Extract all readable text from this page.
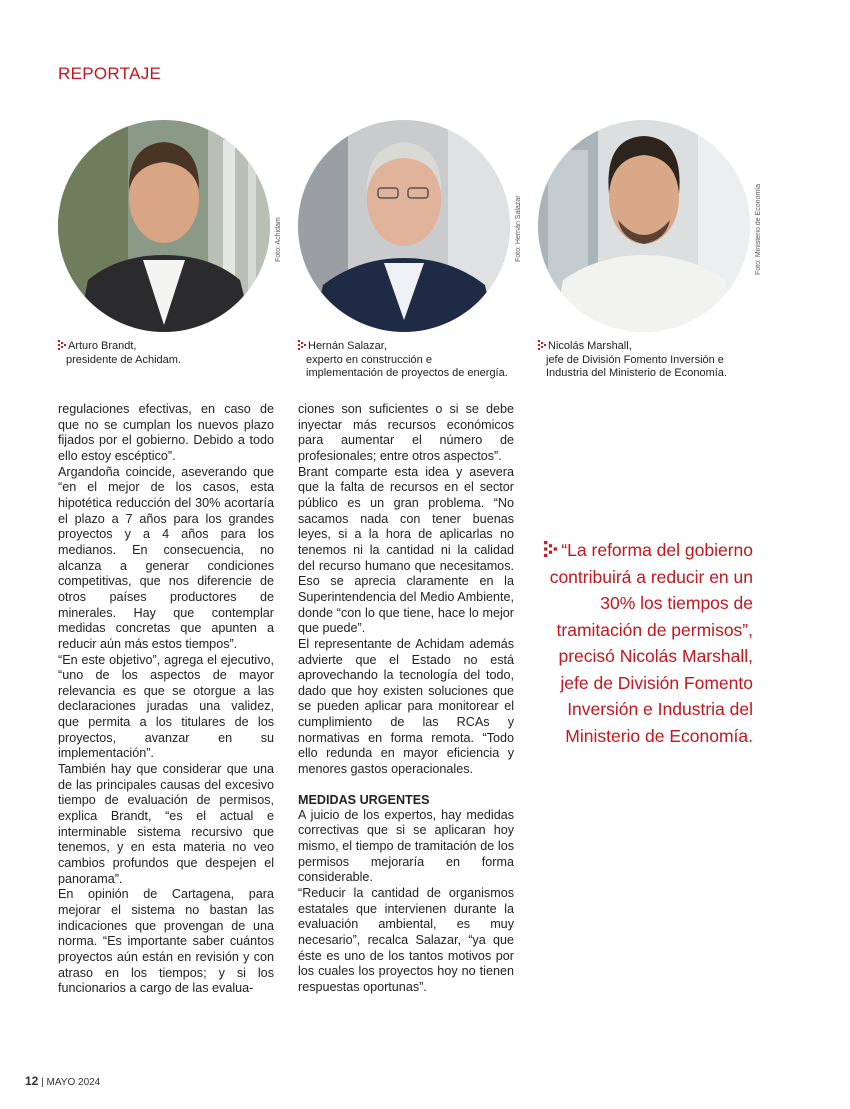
REPORTAJE
Foto: Achidam	Foto: Hernán Salazar	Foto: Ministerio de Economía
Arturo Brandt,
presidente de Achidam.
Hernán Salazar,
experto en construcción e
implementación de proyectos de energía.
Nicolás Marshall,
jefe de División Fomento Inversión e
Industria del Ministerio de Economía.

regulaciones efectivas, en caso de que no se cumplan los nuevos plazo fijados por el gobierno. Debido a todo ello estoy escéptico”.

Argandoña coincide, aseverando que “en el mejor de los casos, esta hipotética reducción del 30% acortaría el plazo a 7 años para los grandes proyectos y a 4 años para los medianos. En consecuencia, no alcanza a generar condiciones competitivas, que nos diferencie de otros países productores de minerales. Hay que contemplar medidas concretas que apunten a reducir aún más estos tiempos”.

“En este objetivo”, agrega el ejecutivo, “uno de los aspectos de mayor relevancia es que se otorgue a las declaraciones juradas una validez, que permita a los titulares de los proyectos, avanzar en su implementación”.

También hay que considerar que una de las principales causas del excesivo tiempo de evaluación de permisos, explica Brandt, “es el actual e interminable sistema recursivo que tenemos, y en esta materia no veo cambios profundos que despejen el panorama”.

En opinión de Cartagena, para mejorar el sistema no bastan las indicaciones que provengan de una norma. “Es importante saber cuántos proyectos aún están en revisión y con atraso en los tiempos; y si los funcionarios a cargo de las evalua-

ciones son suficientes o si se debe inyectar más recursos económicos para aumentar el número de profesionales; entre otros aspectos”.

Brant comparte esta idea y asevera que la falta de recursos en el sector público es un gran problema. “No sacamos nada con tener buenas leyes, si a la hora de aplicarlas no tenemos ni la cantidad ni la calidad del recurso humano que necesitamos. Eso se aprecia claramente en la Superintendencia del Medio Ambiente, donde “con lo que tiene, hace lo mejor que puede”.

El representante de Achidam además advierte que el Estado no está aprovechando la tecnología del todo, dado que hoy existen soluciones que se pueden aplicar para monitorear el cumplimiento de las RCAs y normativas en forma remota. “Todo ello redunda en mayor eficiencia y menores gastos operacionales.

MEDIDAS URGENTES

A juicio de los expertos, hay medidas correctivas que si se aplicaran hoy mismo, el tiempo de tramitación de los permisos mejoraría en forma considerable.

“Reducir la cantidad de organismos estatales que intervienen durante la evaluación ambiental, es muy necesario”, recalca Salazar, “ya que éste es uno de los tantos motivos por los cuales los proyectos hoy no tienen respuestas oportunas”.

“La reforma del gobierno contribuirá a reducir en un 30% los tiempos de tramitación de permisos”, precisó Nicolás Marshall, jefe de División Fomento Inversión e Industria del Ministerio de Economía.
12 | MAYO 2024
